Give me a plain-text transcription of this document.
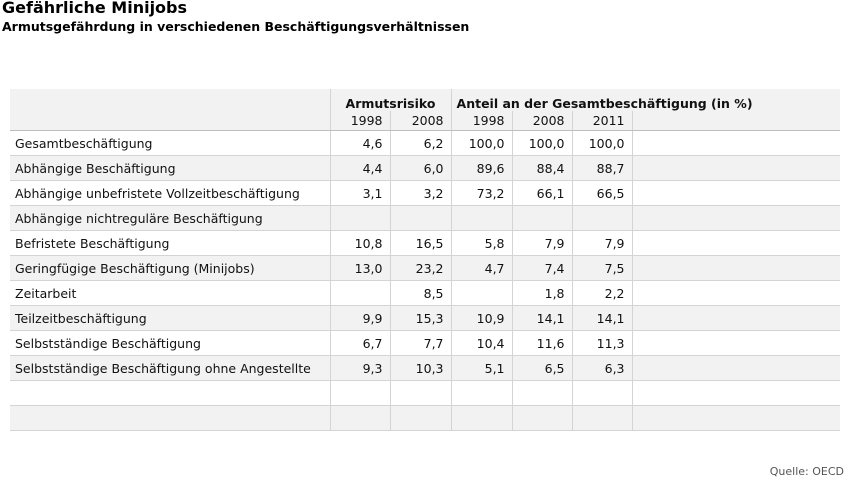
Gefährliche Minijobs
Armutsgefährdung in verschiedenen Beschäftigungsverhältnissen
	Armutsrisiko		Anteil an der Gesamtbeschäftigung (in %)			
	1998	2008	1998	2008	2011	
Gesamtbeschäftigung	4,6	6,2	100,0	100,0	100,0	
Abhängige Beschäftigung	4,4	6,0	89,6	88,4	88,7	
Abhängige unbefristete Vollzeitbeschäftigung	3,1	3,2	73,2	66,1	66,5	
Abhängige nichtreguläre Beschäftigung						
Befristete Beschäftigung	10,8	16,5	5,8	7,9	7,9	
Geringfügige Beschäftigung (Minijobs)	13,0	23,2	4,7	7,4	7,5	
Zeitarbeit		8,5		1,8	2,2	
Teilzeitbeschäftigung	9,9	15,3	10,9	14,1	14,1	
Selbstständige Beschäftigung	6,7	7,7	10,4	11,6	11,3	
Selbstständige Beschäftigung ohne Angestellte	9,3	10,3	5,1	6,5	6,3	

Quelle: OECD
